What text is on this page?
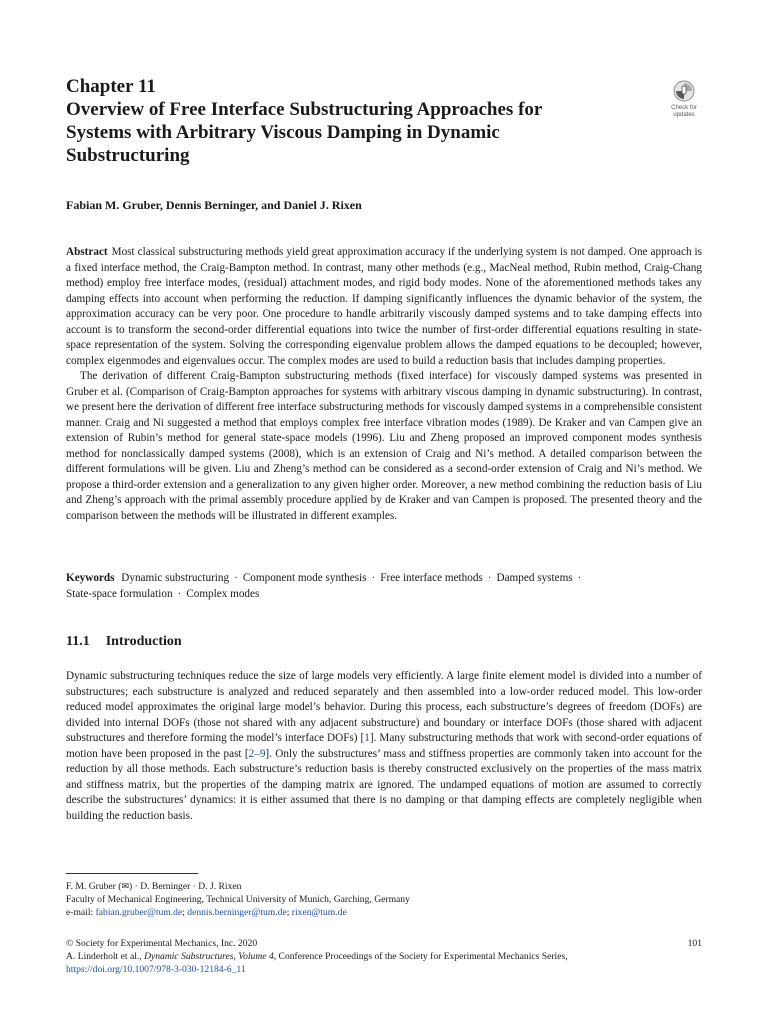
Chapter 11
Overview of Free Interface Substructuring Approaches for
Systems with Arbitrary Viscous Damping in Dynamic
Substructuring
Check for
updates
Fabian M. Gruber, Dennis Berninger, and Daniel J. Rixen

Abstract Most classical substructuring methods yield great approximation accuracy if the underlying system is not damped. One approach is a fixed interface method, the Craig-Bampton method. In contrast, many other methods (e.g., MacNeal method, Rubin method, Craig-Chang method) employ free interface modes, (residual) attachment modes, and rigid body modes. None of the aforementioned methods takes any damping effects into account when performing the reduction. If damping significantly influences the dynamic behavior of the system, the approximation accuracy can be very poor. One procedure to handle arbitrarily viscously damped systems and to take damping effects into account is to transform the second-order differential equations into twice the number of first-order differential equations resulting in state-space representation of the system. Solving the corresponding eigenvalue problem allows the damped equations to be decoupled; however, complex eigenmodes and eigenvalues occur. The complex modes are used to build a reduction basis that includes damping properties.

The derivation of different Craig-Bampton substructuring methods (fixed interface) for viscously damped systems was presented in Gruber et al. (Comparison of Craig-Bampton approaches for systems with arbitrary viscous damping in dynamic substructuring). In contrast, we present here the derivation of different free interface substructuring methods for viscously damped systems in a comprehensible consistent manner. Craig and Ni suggested a method that employs complex free interface vibration modes (1989). De Kraker and van Campen give an extension of Rubin’s method for general state-space models (1996). Liu and Zheng proposed an improved component modes synthesis method for nonclassically damped systems (2008), which is an extension of Craig and Ni’s method. A detailed comparison between the different formulations will be given. Liu and Zheng’s method can be considered as a second-order extension of Craig and Ni’s method. We propose a third-order extension and a generalization to any given higher order. Moreover, a new method combining the reduction basis of Liu and Zheng’s approach with the primal assembly procedure applied by de Kraker and van Campen is proposed. The presented theory and the comparison between the methods will be illustrated in different examples.

Keywords Dynamic substructuring · Component mode synthesis · Free interface methods · Damped systems ·
State-space formulation · Complex modes
11.1 Introduction

Dynamic substructuring techniques reduce the size of large models very efficiently. A large finite element model is divided into a number of substructures; each substructure is analyzed and reduced separately and then assembled into a low-order reduced model. This low-order reduced model approximates the original large model’s behavior. During this process, each substructure’s degrees of freedom (DOFs) are divided into internal DOFs (those not shared with any adjacent substructure) and boundary or interface DOFs (those shared with adjacent substructures and therefore forming the model’s interface DOFs) [1]. Many substructuring methods that work with second-order equations of motion have been proposed in the past [2–9]. Only the substructures’ mass and stiffness properties are commonly taken into account for the reduction by all those methods. Each substructure’s reduction basis is thereby constructed exclusively on the properties of the mass matrix and stiffness matrix, but the properties of the damping matrix are ignored. The undamped equations of motion are assumed to correctly describe the substructures’ dynamics: it is either assumed that there is no damping or that damping effects are completely negligible when building the reduction basis.

F. M. Gruber (✉) · D. Berninger · D. J. Rixen
Faculty of Mechanical Engineering, Technical University of Munich, Garching, Germany
e-mail: fabian.gruber@tum.de; dennis.berninger@tum.de; rixen@tum.de
101
© Society for Experimental Mechanics, Inc. 2020
A. Linderholt et al., Dynamic Substructures, Volume 4, Conference Proceedings of the Society for Experimental Mechanics Series,
https://doi.org/10.1007/978-3-030-12184-6_11
